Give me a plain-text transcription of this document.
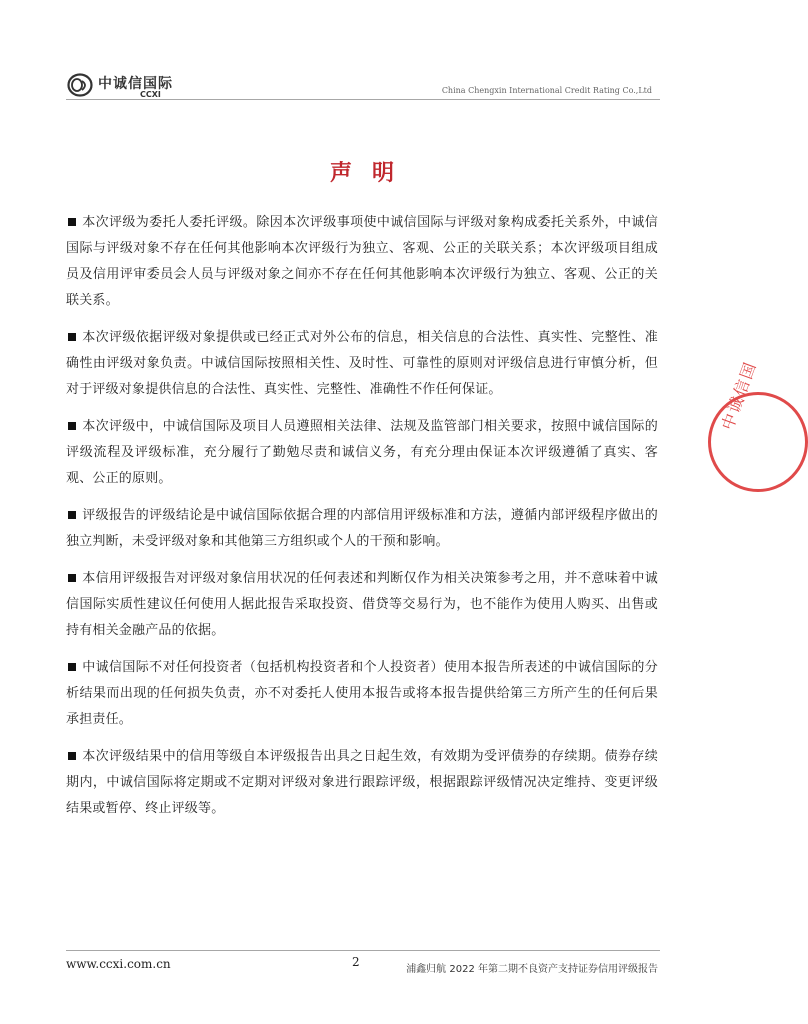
中诚信国际
CCXI	China Chengxin International Credit Rating Co.,Ltd
声明

本次评级为委托人委托评级。除因本次评级事项使中诚信国际与评级对象构成委托关系外，中诚信国际与评级对象不存在任何其他影响本次评级行为独立、客观、公正的关联关系；本次评级项目组成员及信用评审委员会人员与评级对象之间亦不存在任何其他影响本次评级行为独立、客观、公正的关联关系。

本次评级依据评级对象提供或已经正式对外公布的信息，相关信息的合法性、真实性、完整性、准确性由评级对象负责。中诚信国际按照相关性、及时性、可靠性的原则对评级信息进行审慎分析，但对于评级对象提供信息的合法性、真实性、完整性、准确性不作任何保证。

本次评级中，中诚信国际及项目人员遵照相关法律、法规及监管部门相关要求，按照中诚信国际的评级流程及评级标准，充分履行了勤勉尽责和诚信义务，有充分理由保证本次评级遵循了真实、客观、公正的原则。

评级报告的评级结论是中诚信国际依据合理的内部信用评级标准和方法，遵循内部评级程序做出的独立判断，未受评级对象和其他第三方组织或个人的干预和影响。

本信用评级报告对评级对象信用状况的任何表述和判断仅作为相关决策参考之用，并不意味着中诚信国际实质性建议任何使用人据此报告采取投资、借贷等交易行为，也不能作为使用人购买、出售或持有相关金融产品的依据。

中诚信国际不对任何投资者（包括机构投资者和个人投资者）使用本报告所表述的中诚信国际的分析结果而出现的任何损失负责，亦不对委托人使用本报告或将本报告提供给第三方所产生的任何后果承担责任。

本次评级结果中的信用等级自本评级报告出具之日起生效，有效期为受评债券的存续期。债券存续期内，中诚信国际将定期或不定期对评级对象进行跟踪评级，根据跟踪评级情况决定维持、变更评级结果或暂停、终止评级等。

中诚信国
www.ccxi.com.cn	2
浦鑫归航 2022 年第二期不良资产支持证券信用评级报告
